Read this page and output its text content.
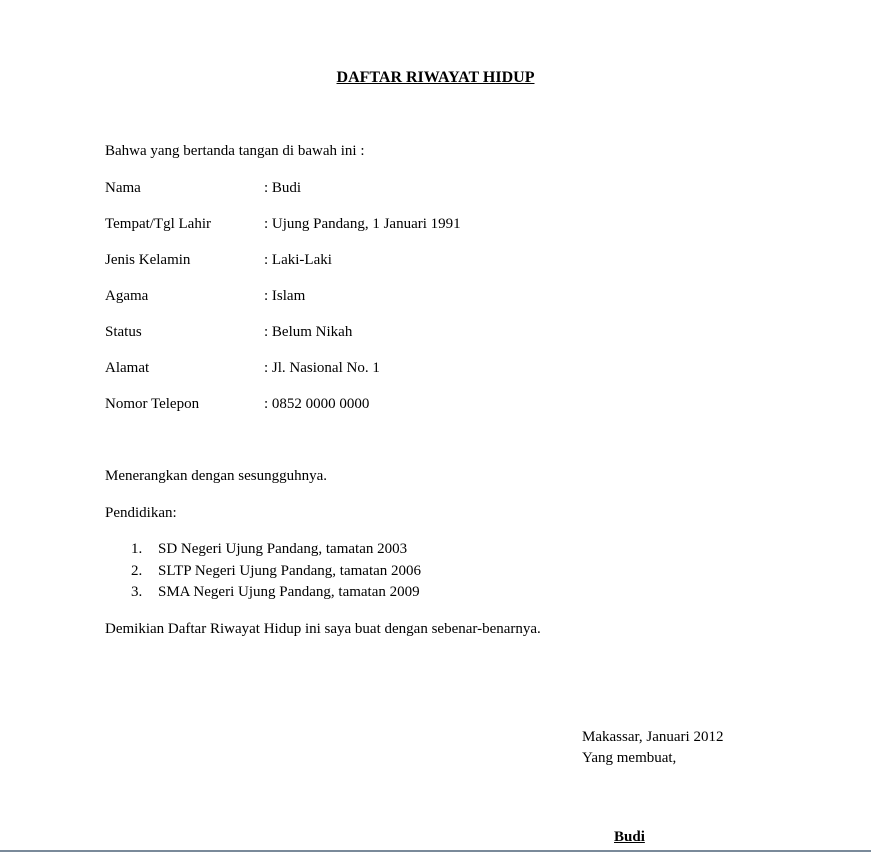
DAFTAR RIWAYAT HIDUP
Bahwa yang bertanda tangan di bawah ini :
Nama	: Budi
Tempat/Tgl Lahir	: Ujung Pandang, 1 Januari 1991
Jenis Kelamin	: Laki-Laki
Agama	: Islam
Status	: Belum Nikah
Alamat	: Jl. Nasional No. 1
Nomor Telepon	: 0852 0000 0000
Menerangkan dengan sesungguhnya.
Pendidikan:
1. SD Negeri Ujung Pandang, tamatan 2003
2. SLTP Negeri Ujung Pandang, tamatan 2006
3. SMA Negeri Ujung Pandang, tamatan 2009
Demikian Daftar Riwayat Hidup ini saya buat dengan sebenar-benarnya.
Makassar, Januari 2012
Yang membuat,
Budi
